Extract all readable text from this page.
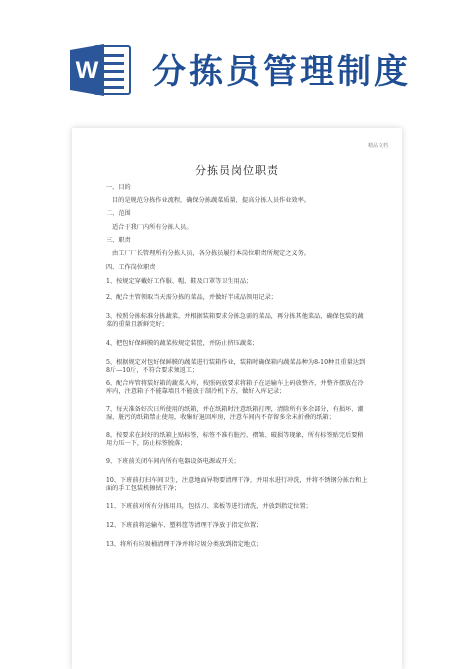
W 分拣员管理制度
精品文档
分拣员岗位职责
一、目的
目的是规范分拣作业流程，确保分拣蔬菜质量，提高分拣人员作业效率。
二、范围
适合于我厂内所有分拣人员。
三、职责
由工厂厂长管理所有分拣人员，各分拣员履行本岗位职责所规定之义务。
四、工作岗位职责
1、按规定穿戴好工作服、帽、鞋及口罩等卫生用品；
2、配合主管领取当天需分拣的菜品，并做好半成品领用记录；
3、按照分拣标准分拣蔬菜，并根据装箱要求分拣急需的菜品，再分拣其他菜品，确保包装的蔬菜的重量且新鲜完好；
4、把包好保鲜膜的蔬菜按规定装筐，并防止挤压蔬菜；
5、根据规定对包好保鲜膜的蔬菜进行装箱作业，装箱时确保箱内蔬菜品种为8-10种且重量达到8斤—10斤，不符合要求须返工；
6、配合库管将装好箱的蔬菜入库，按照码放要求将箱子在运输车上码放整齐，并整齐摆放在冷库内，注意箱子不能靠墙且不能放于制冷机下方，做好入库记录；
7、每天准备好次日所使用的纸箱，并在纸箱时注意纸箱打理，清除所有多余部分，有损坏、潮湿、脏污的纸箱禁止使用，收集好退回库房，注意车间内不存留多余未折叠的纸箱；
8、按要求在封好的纸箱上贴标签，标签不准有脏污、褶皱、破损等现象，所有标签贴完后要稍用力压一下，防止标签脱落；
9、下班前关闭车间内所有电器设备电源或开关；
10、下班前打扫车间卫生，注意地面异物要清理干净，并用水进行冲洗，并将不锈钢分拣台和上面的手工包装机擦拭干净；
11、下班前对所有分拣用具，包括刀、菜板等进行清洗，并放到指定位置；
12、下班前将运输车、塑料筐等清理干净放于指定位置；
13、将所有垃圾桶清理干净并将垃圾分类放到指定地点；
